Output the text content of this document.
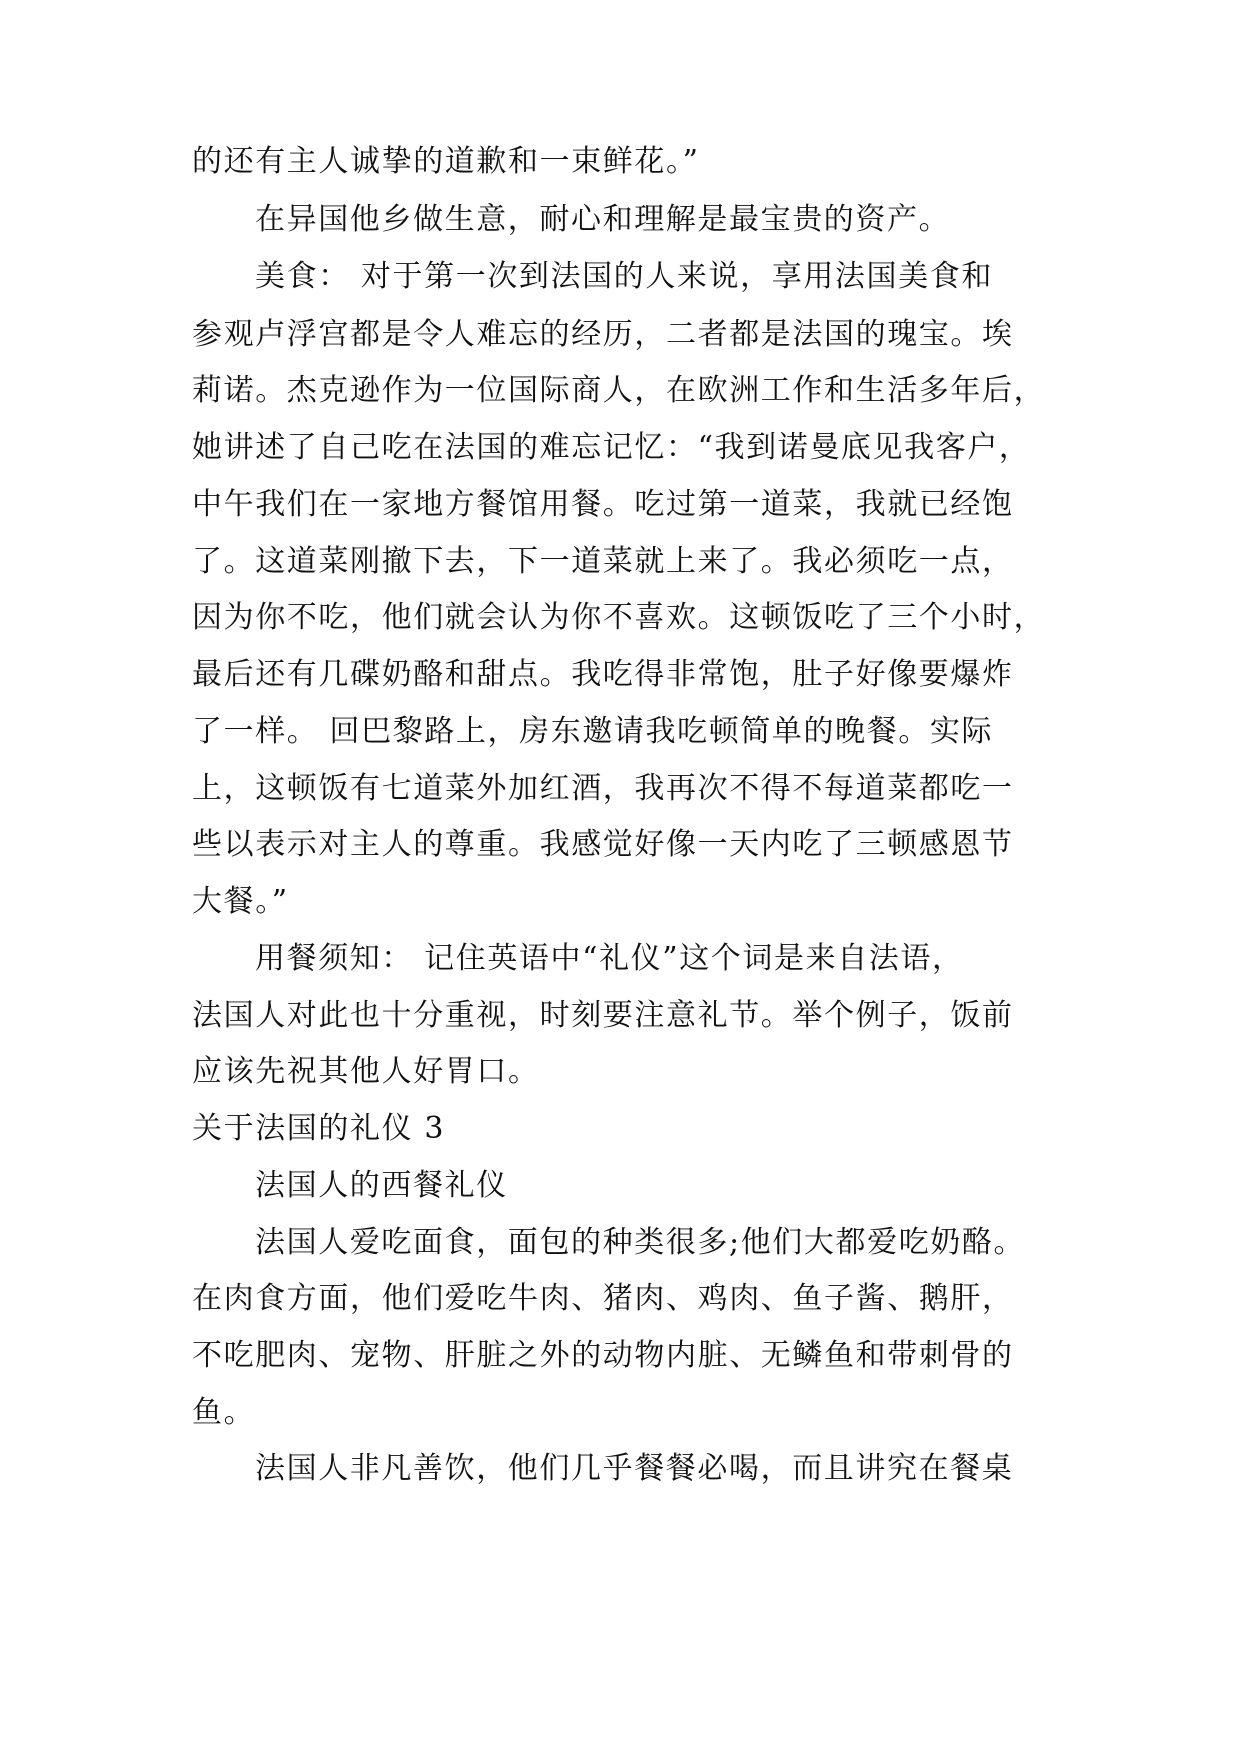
的还有主人诚挚的道歉和一束鲜花。”
在异国他乡做生意，耐心和理解是最宝贵的资产。
美食： 对于第一次到法国的人来说，享用法国美食和
参观卢浮宫都是令人难忘的经历，二者都是法国的瑰宝。埃
莉诺。杰克逊作为一位国际商人，在欧洲工作和生活多年后，
她讲述了自己吃在法国的难忘记忆：“我到诺曼底见我客户，
中午我们在一家地方餐馆用餐。吃过第一道菜，我就已经饱
了。这道菜刚撤下去，下一道菜就上来了。我必须吃一点，
因为你不吃，他们就会认为你不喜欢。这顿饭吃了三个小时，
最后还有几碟奶酪和甜点。我吃得非常饱，肚子好像要爆炸
了一样。 回巴黎路上，房东邀请我吃顿简单的晚餐。实际
上，这顿饭有七道菜外加红酒，我再次不得不每道菜都吃一
些以表示对主人的尊重。我感觉好像一天内吃了三顿感恩节
大餐。”
用餐须知： 记住英语中“礼仪”这个词是来自法语，
法国人对此也十分重视，时刻要注意礼节。举个例子，饭前
应该先祝其他人好胃口。
关于法国的礼仪 3
法国人的西餐礼仪
法国人爱吃面食，面包的种类很多;他们大都爱吃奶酪。
在肉食方面，他们爱吃牛肉、猪肉、鸡肉、鱼子酱、鹅肝，
不吃肥肉、宠物、肝脏之外的动物内脏、无鳞鱼和带刺骨的
鱼。
法国人非凡善饮，他们几乎餐餐必喝，而且讲究在餐桌
